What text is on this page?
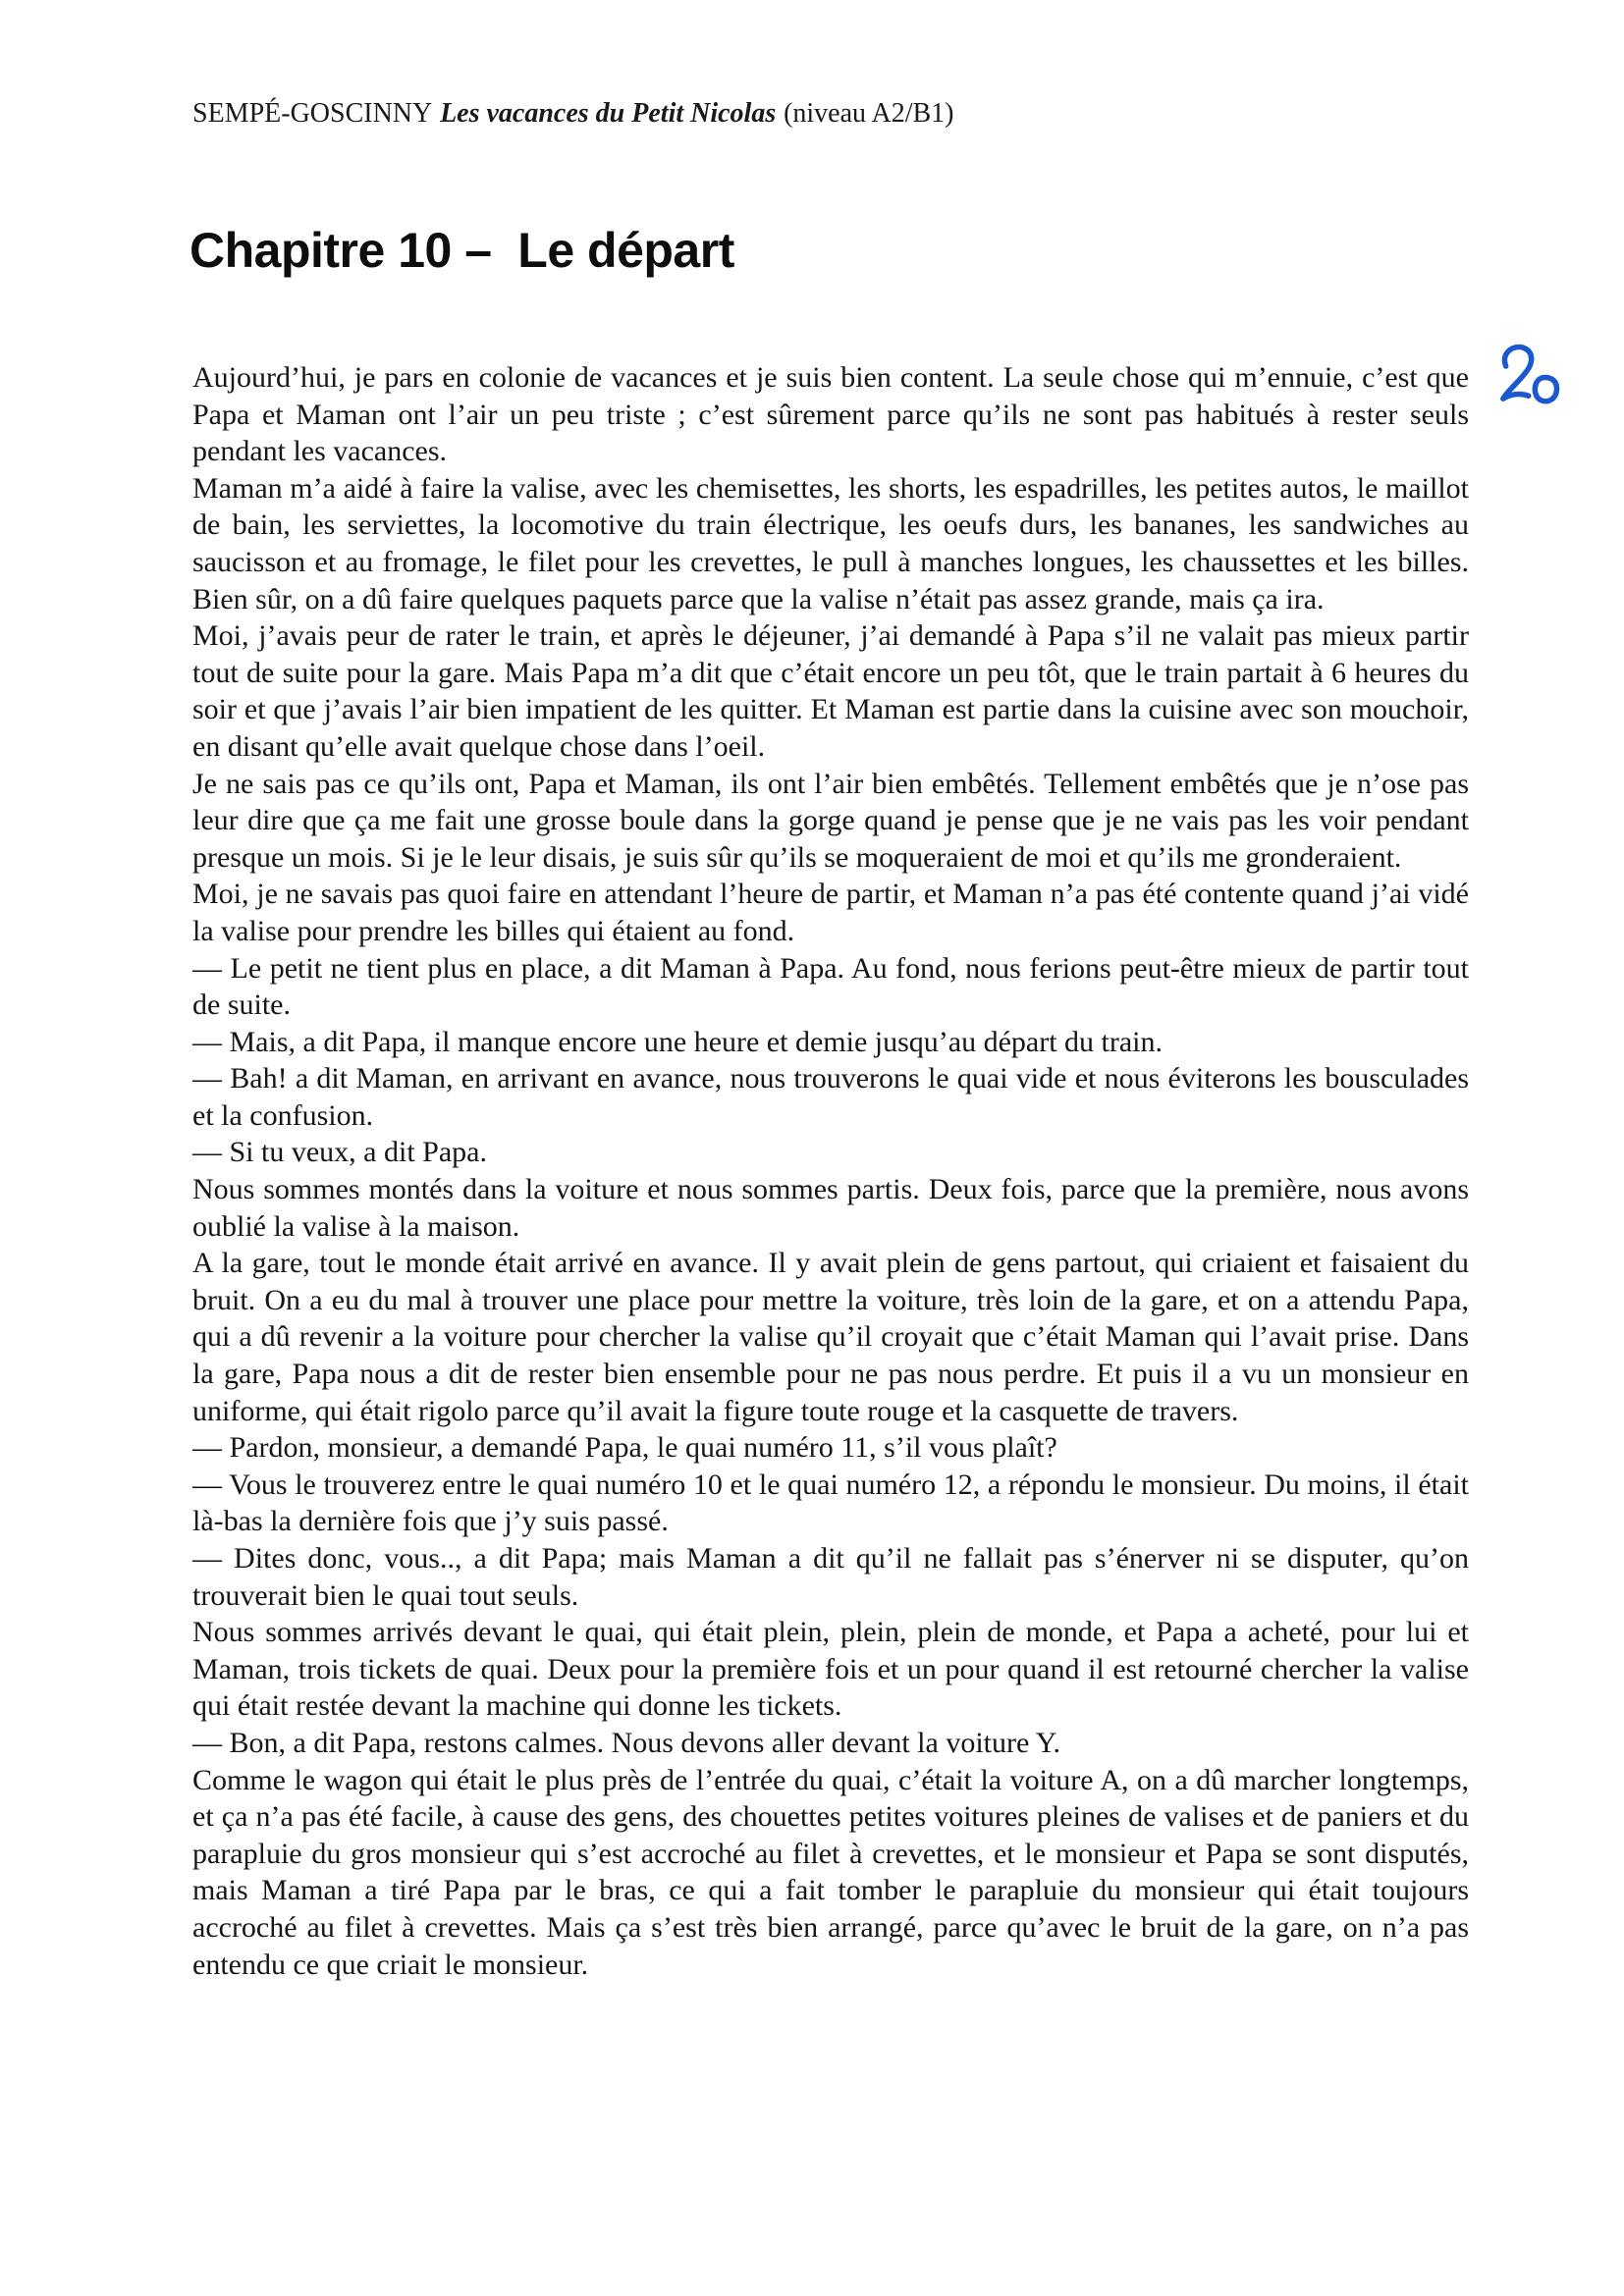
SEMPÉ-GOSCINNY Les vacances du Petit Nicolas (niveau A2/B1)
Chapitre 10 –  Le départ

Aujourd’hui, je pars en colonie de vacances et je suis bien content. La seule chose qui m’ennuie, c’est que Papa et Maman ont l’air un peu triste ; c’est sûrement parce qu’ils ne sont pas habitués à rester seuls pendant les vacances.

Maman m’a aidé à faire la valise, avec les chemisettes, les shorts, les espadrilles, les petites autos, le maillot de bain, les serviettes, la locomotive du train électrique, les oeufs durs, les bananes, les sandwiches au saucisson et au fromage, le filet pour les crevettes, le pull à manches longues, les chaussettes et les billes. Bien sûr, on a dû faire quelques paquets parce que la valise n’était pas assez grande, mais ça ira.

Moi, j’avais peur de rater le train, et après le déjeuner, j’ai demandé à Papa s’il ne valait pas mieux partir tout de suite pour la gare. Mais Papa m’a dit que c’était encore un peu tôt, que le train partait à 6 heures du soir et que j’avais l’air bien impatient de les quitter. Et Maman est partie dans la cuisine avec son mouchoir, en disant qu’elle avait quelque chose dans l’oeil.

Je ne sais pas ce qu’ils ont, Papa et Maman, ils ont l’air bien embêtés. Tellement embêtés que je n’ose pas leur dire que ça me fait une grosse boule dans la gorge quand je pense que je ne vais pas les voir pendant presque un mois. Si je le leur disais, je suis sûr qu’ils se moqueraient de moi et qu’ils me gronderaient.

Moi, je ne savais pas quoi faire en attendant l’heure de partir, et Maman n’a pas été contente quand j’ai vidé la valise pour prendre les billes qui étaient au fond.

— Le petit ne tient plus en place, a dit Maman à Papa. Au fond, nous ferions peut-être mieux de partir tout de suite.

— Mais, a dit Papa, il manque encore une heure et demie jusqu’au départ du train.

— Bah! a dit Maman, en arrivant en avance, nous trouverons le quai vide et nous éviterons les bousculades et la confusion.

— Si tu veux, a dit Papa.

Nous sommes montés dans la voiture et nous sommes partis. Deux fois, parce que la première, nous avons oublié la valise à la maison.

A la gare, tout le monde était arrivé en avance. Il y avait plein de gens partout, qui criaient et faisaient du bruit. On a eu du mal à trouver une place pour mettre la voiture, très loin de la gare, et on a attendu Papa, qui a dû revenir a la voiture pour chercher la valise qu’il croyait que c’était Maman qui l’avait prise. Dans la gare, Papa nous a dit de rester bien ensemble pour ne pas nous perdre. Et puis il a vu un monsieur en uniforme, qui était rigolo parce qu’il avait la figure toute rouge et la casquette de travers.

— Pardon, monsieur, a demandé Papa, le quai numéro 11, s’il vous plaît?

— Vous le trouverez entre le quai numéro 10 et le quai numéro 12, a répondu le monsieur. Du moins, il était là-bas la dernière fois que j’y suis passé.

— Dites donc, vous.., a dit Papa; mais Maman a dit qu’il ne fallait pas s’énerver ni se disputer, qu’on trouverait bien le quai tout seuls.

Nous sommes arrivés devant le quai, qui était plein, plein, plein de monde, et Papa a acheté, pour lui et Maman, trois tickets de quai. Deux pour la première fois et un pour quand il est retourné chercher la valise qui était restée devant la machine qui donne les tickets.

— Bon, a dit Papa, restons calmes. Nous devons aller devant la voiture Y.

Comme le wagon qui était le plus près de l’entrée du quai, c’était la voiture A, on a dû marcher longtemps, et ça n’a pas été facile, à cause des gens, des chouettes petites voitures pleines de valises et de paniers et du parapluie du gros monsieur qui s’est accroché au filet à crevettes, et le monsieur et Papa se sont disputés, mais Maman a tiré Papa par le bras, ce qui a fait tomber le parapluie du monsieur qui était toujours accroché au filet à crevettes. Mais ça s’est très bien arrangé, parce qu’avec le bruit de la gare, on n’a pas entendu ce que criait le monsieur.
